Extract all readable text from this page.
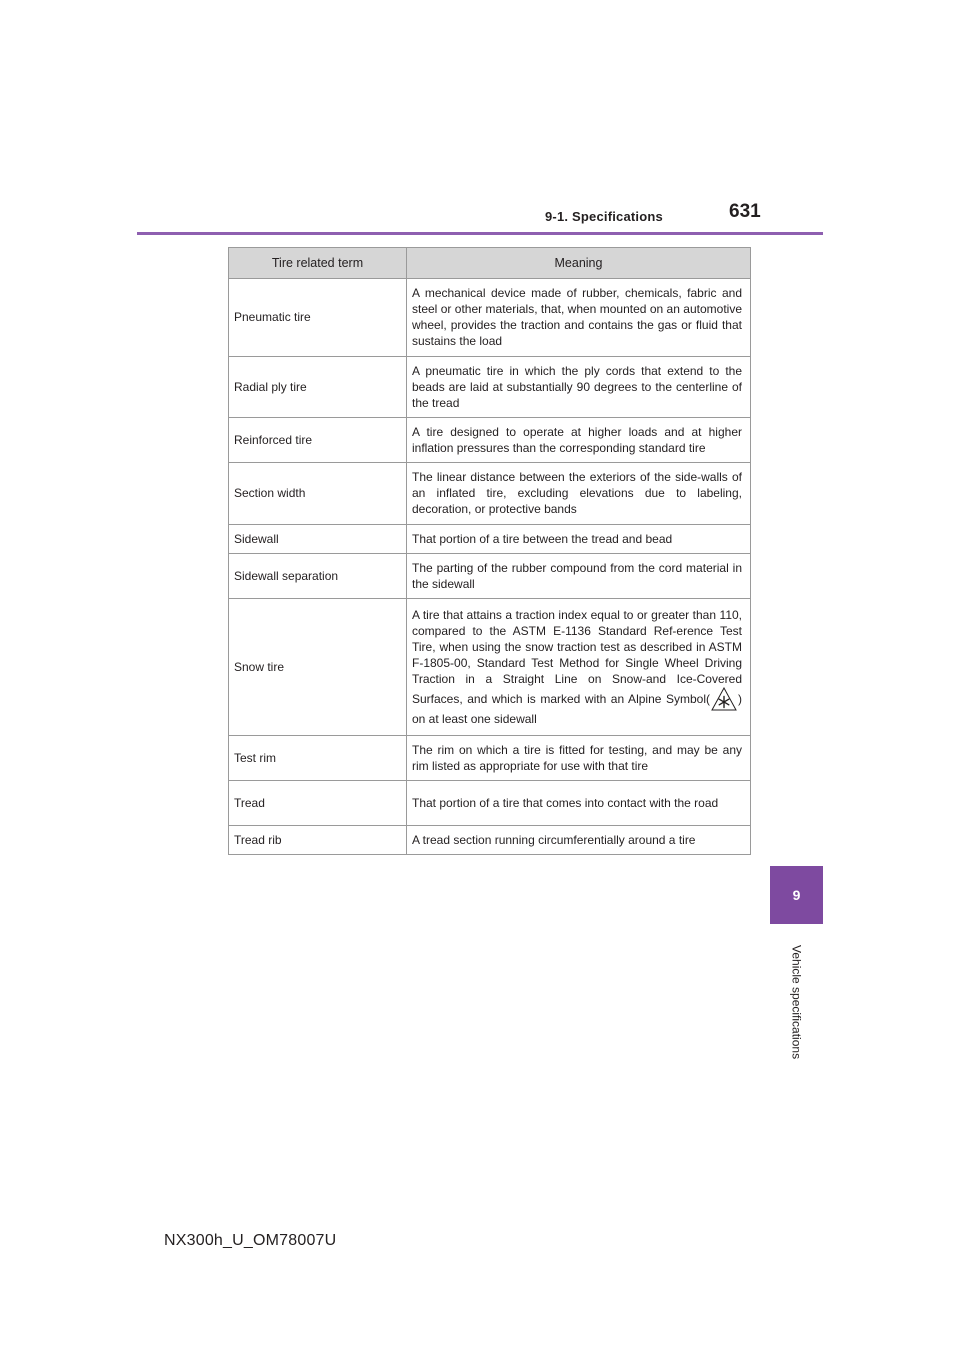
9-1. Specifications	631
9
Vehicle specifications
Tire related term	Meaning
Pneumatic tire	A mechanical device made of rubber, chemicals, fabric and steel or other materials, that, when mounted on an automotive wheel, provides the traction and contains the gas or fluid that sustains the load
Radial ply tire	A pneumatic tire in which the ply cords that extend to the beads are laid at substantially 90 degrees to the centerline of the tread
Reinforced tire	A tire designed to operate at higher loads and at higher inflation pressures than the corresponding standard tire
Section width	The linear distance between the exteriors of the side-walls of an inflated tire, excluding elevations due to labeling, decoration, or protective bands
Sidewall	That portion of a tire between the tread and bead
Sidewall separation	The parting of the rubber compound from the cord material in the sidewall
Snow tire	A tire that attains a traction index equal to or greater than 110, compared to the ASTM E-1136 Standard Ref-erence Test Tire, when using the snow traction test as described in ASTM F-1805-00, Standard Test Method for Single Wheel Driving Traction in a Straight Line on Snow-and Ice-Covered Surfaces, and which is marked with an Alpine Symbol( ) on at least one sidewall
Test rim	The rim on which a tire is fitted for testing, and may be any rim listed as appropriate for use with that tire
Tread	That portion of a tire that comes into contact with the road
Tread rib	A tread section running circumferentially around a tire
NX300h_U_OM78007U
